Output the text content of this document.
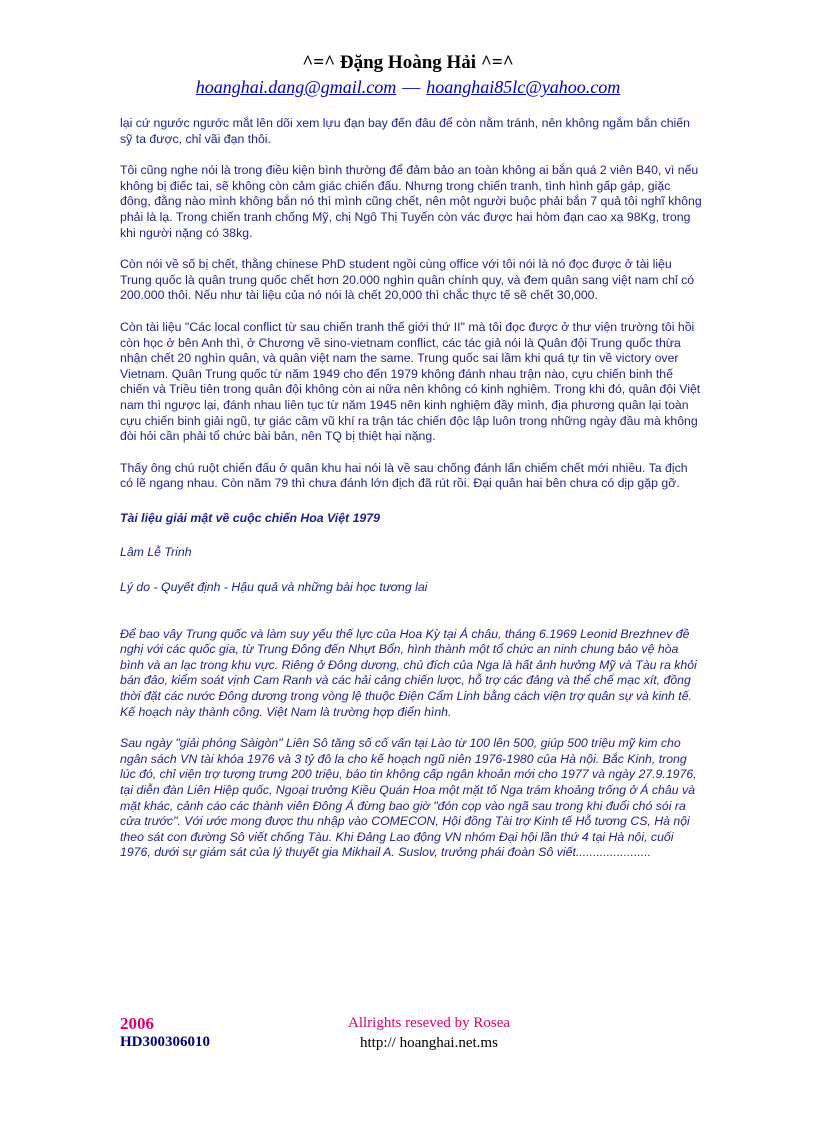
^=^ Đặng Hoàng Hải ^=^
hoanghai.dang@gmail.com — hoanghai85lc@yahoo.com

lại cứ ngước ngước mắt lên dõi xem lựu đạn bay đến đâu để còn nằm tránh, nên không ngắm bắn chiến sỹ ta được, chỉ vãi đạn thôi.

Tôi cũng nghe nói là trong điều kiện bình thường để đảm bảo an toàn không ai bắn quá 2 viên B40, vì nếu không bị điếc tai, sẽ không còn cảm giác chiến đấu. Nhưng trong chiến tranh, tình hình gấp gáp, giặc đông, đằng nào mình không bắn nó thì mình cũng chết, nên một người buộc phải bắn 7 quả tôi nghĩ không phải là lạ. Trong chiến tranh chống Mỹ, chị Ngô Thị Tuyến còn vác được hai hòm đạn cao xạ 98Kg, trong khi người nặng có 38kg.

Còn nói về số bị chết, thằng chinese PhD student ngồi cùng office với tôi nói là nó đọc được ở tài liệu Trung quốc là quân trung quốc chết hơn 20.000 nghìn quân chính quy, và đem quân sang việt nam chỉ có 200.000 thôi. Nếu như tài liệu của nó nói là chết 20,000 thì chắc thực tế sẽ chết 30,000.

Còn tài liệu "Các local conflict từ sau chiến tranh thế giới thứ II" mà tôi đọc được ở thư viện trường tôi hồi còn học ở bên Anh thì, ở Chương về sino-vietnam conflict, các tác giả nói là Quân đội Trung quốc thừa nhận chết 20 nghìn quân, và quân việt nam the same. Trung quốc sai lầm khi quá tự tin về victory over Vietnam. Quân Trung quốc từ năm 1949 cho đến 1979 không đánh nhau trận nào, cựu chiến binh thế chiến và Triều tiên trong quân đội không còn ai nữa nên không có kinh nghiệm. Trong khi đó, quân đội Việt nam thì ngược lại, đánh nhau liên tục từ năm 1945 nên kinh nghiệm đầy mình, địa phương quân lại toàn cựu chiến binh giải ngũ, tự giác cầm vũ khí ra trận tác chiến độc lập luôn trong những ngày đầu mà không đòi hỏi cần phải tổ chức bài bản, nên TQ bị thiệt hại nặng.

Thấy ông chú ruột chiến đấu ở quân khu hai nói là về sau chống đánh lấn chiếm chết mới nhiều. Ta địch có lẽ ngang nhau. Còn năm 79 thì chưa đánh lớn địch đã rút rồi. Đại quân hai bên chưa có dịp gặp gỡ.

Tài liệu giải mật về cuộc chiến Hoa Việt 1979

Lâm Lễ Trinh

Lý do - Quyết định - Hậu quả và những bài học tương lai

Để bao vây Trung quốc và làm suy yếu thế lực của Hoa Kỳ tại Á châu, tháng 6.1969 Leonid Brezhnev đề nghị với các quốc gia, từ Trung Đông đến Nhựt Bổn, hình thành một tổ chức an ninh chung bảo vệ hòa bình và an lạc trong khu vực. Riêng ở Đông dương, chủ đích của Nga là hất ảnh hưởng Mỹ và Tàu ra khỏi bán đảo, kiểm soát vịnh Cam Ranh và các hải cảng chiến lược, hỗ trợ các đảng và thể chế mạc xít, đồng thời đặt các nước Đông dương trong vòng lệ thuộc Điện Cẩm Linh bằng cách viện trợ quân sự và kinh tế. Kế hoạch này thành công. Việt Nam là trường hợp điển hình.

Sau ngày "giải phóng Sàigòn" Liên Sô tăng số cố vấn tại Lào từ 100 lên 500, giúp 500 triệu mỹ kim cho ngân sách VN tài khóa 1976 và 3 tỷ đô la cho kế hoạch ngũ niên 1976-1980 của Hà nội. Bắc Kinh, trong lúc đó, chỉ viện trợ tượng trưng 200 triệu, báo tin không cấp ngân khoản mới cho 1977 và ngày 27.9.1976, tại diễn đàn Liên Hiệp quốc, Ngoại trưởng Kiều Quán Hoa một mặt tố Nga trám khoảng trống ở Á châu và mặt khác, cảnh cáo các thành viên Đông Á đừng bao giờ "đón cọp vào ngã sau trong khi đuổi chó sói ra cửa trước". Với ước mong được thu nhập vào COMECON, Hội đồng Tài trợ Kinh tế Hỗ tương CS, Hà nội theo sát con đường Sô viết chống Tàu. Khi Đảng Lao động VN nhóm Đại hội lần thứ 4 tại Hà nội, cuối 1976, dưới sự giám sát của lý thuyết gia Mikhail A. Suslov, trưởng phái đoàn Sô viết......................

2006
HD300306010
Allrights reseved by Rosea
http:// hoanghai.net.ms
